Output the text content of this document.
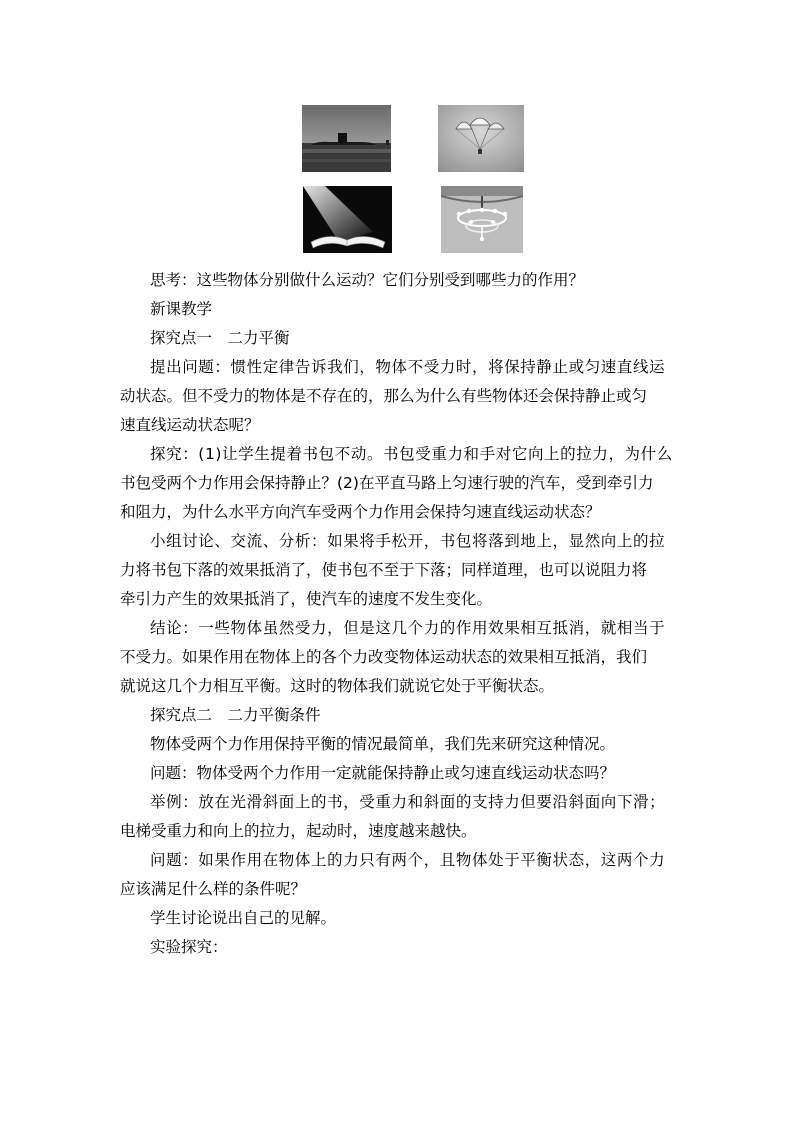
思考：这些物体分别做什么运动？它们分别受到哪些力的作用？
新课教学
探究点一　二力平衡
提出问题：惯性定律告诉我们，物体不受力时，将保持静止或匀速直线运
动状态。但不受力的物体是不存在的，那么为什么有些物体还会保持静止或匀
速直线运动状态呢？
探究：(1)让学生提着书包不动。书包受重力和手对它向上的拉力，为什么
书包受两个力作用会保持静止？(2)在平直马路上匀速行驶的汽车，受到牵引力
和阻力，为什么水平方向汽车受两个力作用会保持匀速直线运动状态？
小组讨论、交流、分析：如果将手松开，书包将落到地上，显然向上的拉
力将书包下落的效果抵消了，使书包不至于下落；同样道理，也可以说阻力将
牵引力产生的效果抵消了，使汽车的速度不发生变化。
结论：一些物体虽然受力，但是这几个力的作用效果相互抵消，就相当于
不受力。如果作用在物体上的各个力改变物体运动状态的效果相互抵消，我们
就说这几个力相互平衡。这时的物体我们就说它处于平衡状态。
探究点二　二力平衡条件
物体受两个力作用保持平衡的情况最简单，我们先来研究这种情况。
问题：物体受两个力作用一定就能保持静止或匀速直线运动状态吗？
举例：放在光滑斜面上的书，受重力和斜面的支持力但要沿斜面向下滑；
电梯受重力和向上的拉力，起动时，速度越来越快。
问题：如果作用在物体上的力只有两个，且物体处于平衡状态，这两个力
应该满足什么样的条件呢？
学生讨论说出自己的见解。
实验探究：
